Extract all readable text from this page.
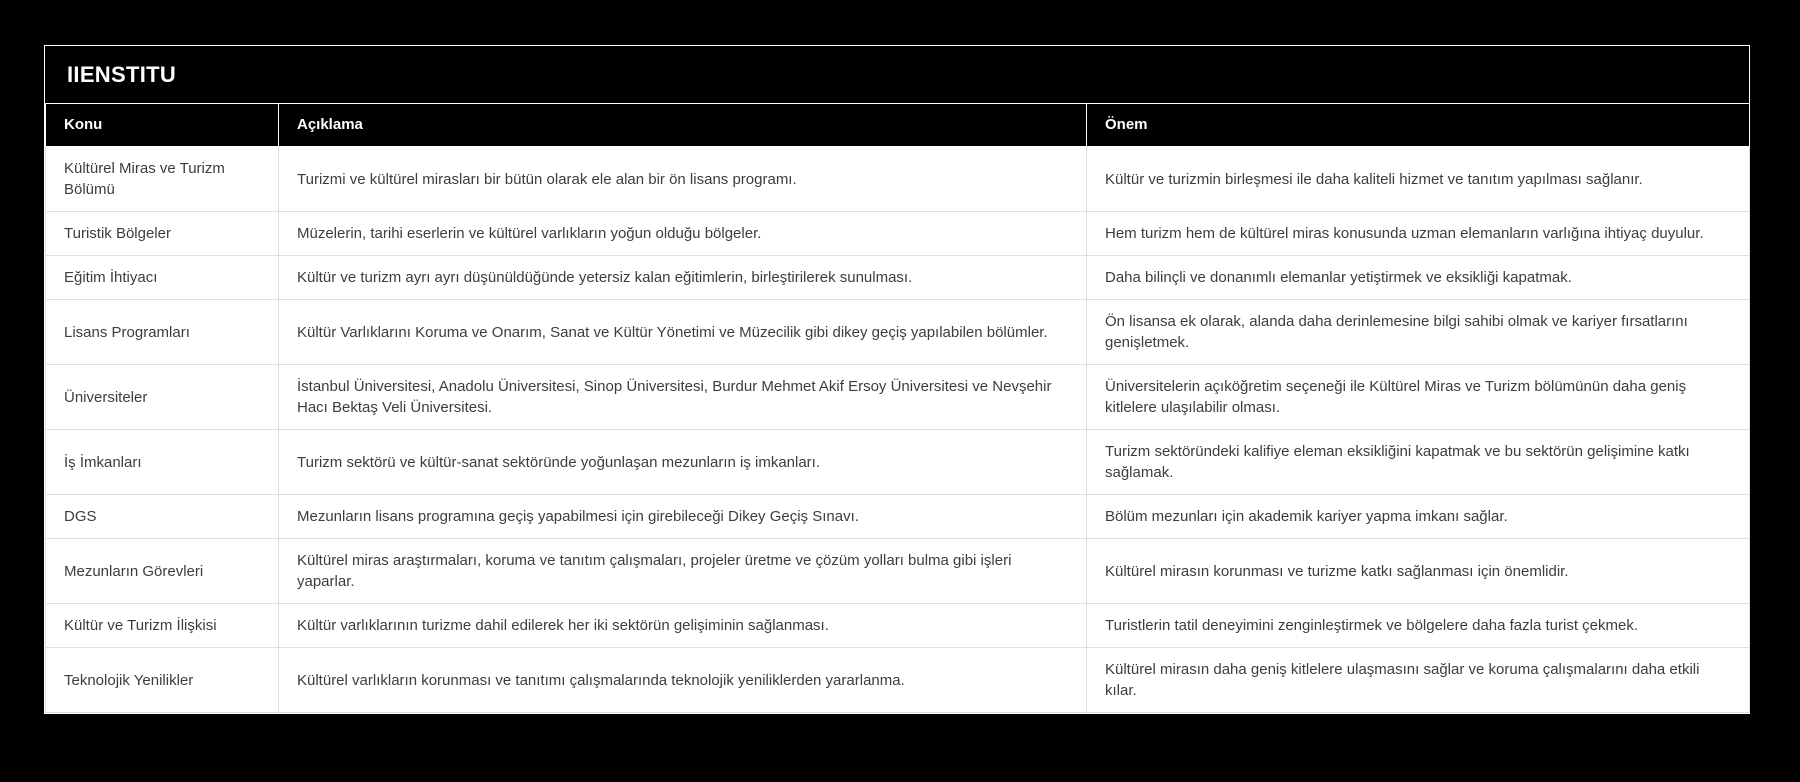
IIENSTITU
Konu	Açıklama	Önem
Kültürel Miras ve Turizm Bölümü	Turizmi ve kültürel mirasları bir bütün olarak ele alan bir ön lisans programı.	Kültür ve turizmin birleşmesi ile daha kaliteli hizmet ve tanıtım yapılması sağlanır.
Turistik Bölgeler	Müzelerin, tarihi eserlerin ve kültürel varlıkların yoğun olduğu bölgeler.	Hem turizm hem de kültürel miras konusunda uzman elemanların varlığına ihtiyaç duyulur.
Eğitim İhtiyacı	Kültür ve turizm ayrı ayrı düşünüldüğünde yetersiz kalan eğitimlerin, birleştirilerek sunulması.	Daha bilinçli ve donanımlı elemanlar yetiştirmek ve eksikliği kapatmak.
Lisans Programları	Kültür Varlıklarını Koruma ve Onarım, Sanat ve Kültür Yönetimi ve Müzecilik gibi dikey geçiş yapılabilen bölümler.	Ön lisansa ek olarak, alanda daha derinlemesine bilgi sahibi olmak ve kariyer fırsatlarını genişletmek.
Üniversiteler	İstanbul Üniversitesi, Anadolu Üniversitesi, Sinop Üniversitesi, Burdur Mehmet Akif Ersoy Üniversitesi ve Nevşehir Hacı Bektaş Veli Üniversitesi.	Üniversitelerin açıköğretim seçeneği ile Kültürel Miras ve Turizm bölümünün daha geniş kitlelere ulaşılabilir olması.
İş İmkanları	Turizm sektörü ve kültür-sanat sektöründe yoğunlaşan mezunların iş imkanları.	Turizm sektöründeki kalifiye eleman eksikliğini kapatmak ve bu sektörün gelişimine katkı sağlamak.
DGS	Mezunların lisans programına geçiş yapabilmesi için girebileceği Dikey Geçiş Sınavı.	Bölüm mezunları için akademik kariyer yapma imkanı sağlar.
Mezunların Görevleri	Kültürel miras araştırmaları, koruma ve tanıtım çalışmaları, projeler üretme ve çözüm yolları bulma gibi işleri yaparlar.	Kültürel mirasın korunması ve turizme katkı sağlanması için önemlidir.
Kültür ve Turizm İlişkisi	Kültür varlıklarının turizme dahil edilerek her iki sektörün gelişiminin sağlanması.	Turistlerin tatil deneyimini zenginleştirmek ve bölgelere daha fazla turist çekmek.
Teknolojik Yenilikler	Kültürel varlıkların korunması ve tanıtımı çalışmalarında teknolojik yeniliklerden yararlanma.	Kültürel mirasın daha geniş kitlelere ulaşmasını sağlar ve koruma çalışmalarını daha etkili kılar.
